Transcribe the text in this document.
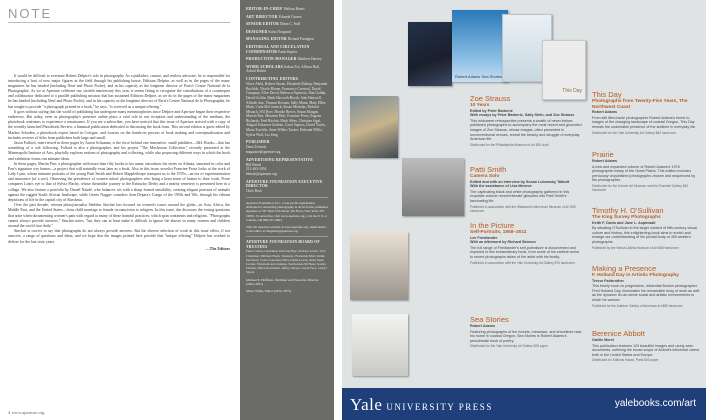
NOTE

It would be difficult to overstate Robert Delpire's role in photography. As a publisher, curator, and restless advocate, he is responsible for introducing a host of now major figures in the field through his publishing house, Editions Delpire, as well as in the pages of the many magazines he has headed (including Neuf and Photo Poche), and in his capacity as the longtime director of Paris's Centre National de la Photographie. As we at Aperture celebrate our sixtieth anniversary this year, it seems fitting to recognize the contributions of a counterpart and collaborator dedicated to a parallel publishing mission that has sustained Editions Delpire, as we do in the pages of the many magazines he has headed (including Neuf and Photo Poche), and in his capacity as the longtime director of Paris's Centre National de la Photographie, he has sought to provide "a photograph printed in a book," he says, "is received as a unique offering."

It goes without saying that the world of publishing has undergone many metamorphoses since Delpire and Aperture began their respective endeavors. But today, even as photography's presence online plays a vital role in our reception and understanding of the medium, the photobook continues to experience a renaissance. If you are a subscriber, you have noticed that this issue of Aperture arrived with a copy of the recently launched Photobook Review, a biannual publication dedicated to discussing the book form. This second edition is guest edited by Markus Schaden, a photobook expert based in Cologne, and focuses on the hands-on process of book making and conceptualization and includes reviews of titles from publishers both large and small.

Jason Fulford, interviewed in these pages by Aaron Schuman, is the force behind one innovative, small publisher—J&L Books—that has something of a cult following. Fulford is also a photographer, and his project "The Mushroom Collection," recently presented at the Minneapolis Institute of Arts, playfully explores notions of photography and collecting, while also proposing different ways in which the book and exhibition forms can animate ideas.

In these pages, Martin Parr, a photographer with more than fifty books to his name, introduces his series on Atlanta, saturated in color and Parr's signature wry humor—a project that will naturally exist later as a book. Also in this issue, novelist Francine Prose looks at the work of Lady Lynn, whose intimate portraits of the young Patti Smith and Robert Mapplethorpe transport us to the 1970s—an era of experimentation and innocence (of a sort). Observing the prevalence of women artists' photographers who bring a keen sense of humor to their work, Prose compares Linn's eye to that of Sylvia Plachy, whose dreamlike journey to the Kentucky Derby and a nearby cemetery is presented here in a collage. We also feature a portfolio by Daniel Naudé, who balances wit with a sharp formal sensibility, creating elegant portraits of animals against the rugged South African landscape, while Gerrie Nagger considers Jean Depara's Congo of the 1950s and '60s, through his vibrant depictions of life in the capital city of Kinshasa.

Over the past decade, veteran photojournalist Sheldon Sinclair has focused on women's issues around the globe—in Asia, Africa, the Middle East, and the United States—from child marriage to female circumcision to refugees. In this issue, she discusses the vexing questions that arise when documenting women's pain with regard to many of these harmful practices, which span continents and religions. "Photographs cannot always provide answers," Sinclair notes, "but they can at least make it difficult to ignore the abuses so many women and children around the world face daily."

Sinclair is correct to say that photographs do not always provide answers. But the diverse selection of work in this issue offers, if not answers, a range of questions and ideas, and we hope that the images printed here provide that "unique offering" Delpire has worked to deliver for the last sixty years.

—The Editors
4 www.aperture.org
EDITOR-IN-CHIEF Melissa Harris
ART DIRECTOR Yolanda Cuomo
SENIOR EDITOR Diana C. Stoll
DESIGNER Kristi Norgaard
MANAGING EDITOR Richard Farington
EDITORIAL AND CIRCULATION COORDINATOR Paula Kupfer
PRODUCTION MANAGER Matthew Harvey
WORK SCHOLARS Joshua Tso, Allison Hall, Ashraf Hafnir
CONTRIBUTING EDITORS
Vince Aletti, Robert Atwan, Elizabeth Bishop, Benjamin Buchloh, Nicole Bloom, Francesco Carnival, David Campany, Alice Dowd, Rebecca Fujimoto, Nan Goldin, David Griffin, Mark Haworth-Booth, John Hartwell, Alfredo Jaar, Thomas Keenan, Sally Mann, Mary Ellen Mark, Carla McCormick, Susan Meiselas, Richard Misrach, Wil Dyer, Brooke Bierce, Susan Morgan, Marvin Parr, Maureen Petit, Francine Prose, Eugene Richards, Fred Ritchin, Mark Sikes, Christian Sigal, Abigail Solomon-Godeau, Carol Squiers, David Travis, Marta Tsachlis, Anne Wilkes Tucker, Deborah Willis, Sylvia Wolf, Liz Zeng
PUBLISHER
Dana Triwush
magazine@aperture.org
ADVERTISING REPRESENTATIVE
Bill Beach
212-463-1054
bbeach@aperture.org
APERTURE FOUNDATION EXECUTIVE DIRECTOR
Chris Boot
Aperture Foundation, Inc., a non-profit organization dedicated to advancing photography in all its forms, publishes Aperture at 547 West 27th Street, 4th Floor, New York, NY 10001. To subscribe, visit www.aperture.org, or in the U.S. or Canada, call 866-457-4603.
Visit the Aperture website at www.aperture.org, email letters to the editor at magazine@aperture.org.
APERTURE FOUNDATION BOARD OF TRUSTEES
Peter Corbin, Chairman; Dawoud Bey; Andrew Lewin, Vice Chairman; Michael Hoeh, Treasurer; Frederick M.R. Smith, Secretary; Celso Gonzalez-Falla, Diane Lewin, Anne Stark Locher, Elizabeth Ann Kahane, Sarah Anne McNear, Sondra Gilman, Helen Kornblum, Jeffrey Meyer, Linda Pace, Cheryl Saxon
Michael E. Hoffman, Publisher and Executive Director (1964–2001)
Minor White, Editor (1952–1975)
Robert Adams Sea Stories
This Day This Day
Photographs from Twenty-Five Years, The Northwest Coast
Robert Adams
From still lifes inside photographer Robert Adams's home to images of the changing landscape of coastal Oregon, This Day reveals the undeniable presence of the sublime in everyday life.
Distributed for the Yale University Art Gallery $65 hardcover
Prairie
Robert Adams
A new and expanded volume of Robert Adams's 1978 photographic essay of the Great Plains. This edition includes previously unpublished photographs chosen and sequenced by the photographer.
Distributed for the Denver Art Museum and the Fraenkel Gallery $40 hardcover
Timothy H. O'Sullivan
The King Survey Photographs
Keith F. Davis and Jane L. Aspinwall
By situating O'Sullivan in the larger context of fifth-century visual culture and history, this enlightening book aims to enrich and enlarge our understanding of his pivotal body of 450 western photographs.
Published by the Nelson-Atkins Museum of Art $65 hardcover
Making a Presence
F. Holland Day in Artistic Photography
Trevor Fairbrother
This timely book on progressive, influential Boston photographer Fred Holland Day, illuminates his remarkable body of work as well as the dynamic fin-de-siècle social and artistic environments in which he worked.
Published for the Addison Gallery of American Art $55 hardcover
Berenice Abbott
Gaëlle Morel
This publication features 120 beautiful images and rarely seen documents, outlining the broad scope of Abbott's influential career both in the United States and Europe.
Distributed for Editions Hazan, Paris $45 paper
Zoe Strauss
10 Years
Edited by Peter Barberie
With essays by Peter Barberie, Sally Stein, and Zoe Strauss
This midcareer retrospective presents a wealth of never-before-published photographs to accompany the most recent and grounded images of Zoe Strauss, whose images, often presented in unconventional venues, reveal the beauty and struggle of everyday American life.
Distributed for the Philadelphia Museum of Art $50 cloth
Patti Smith
Camera Solo
Edited and with an interview by Susan Lubowsky Talbott
With the assistance of Lisa Monroe
The captivating black and white photography gathered in this exquisite volume reveal intimate glimpses into Patti Smith's fascinating life.
Published in association with the Wadsworth Atheneum Museum of Art $35 hardcover
In the Picture
Self-Portraits, 1958–2011
Lee Friedlander
With an afterword by Richard Benson
The full range of Friedlander's self-portraiture is documented and explored in this extraordinary book, from some of his earliest works to recent photographs taken of the artist with his family.
Published in association with the Yale University Art Gallery $75 hardcover
Sea Stories
Robert Adams
Featuring photographs of the forests, meadows, and shorelines near his home in coastal Oregon, Sea Stories is Robert Adams's penultimate book of poetry.
Distributed for the Yale University Art Gallery $28 paper
Yale UNIVERSITY PRESS	yalebooks.com/art
